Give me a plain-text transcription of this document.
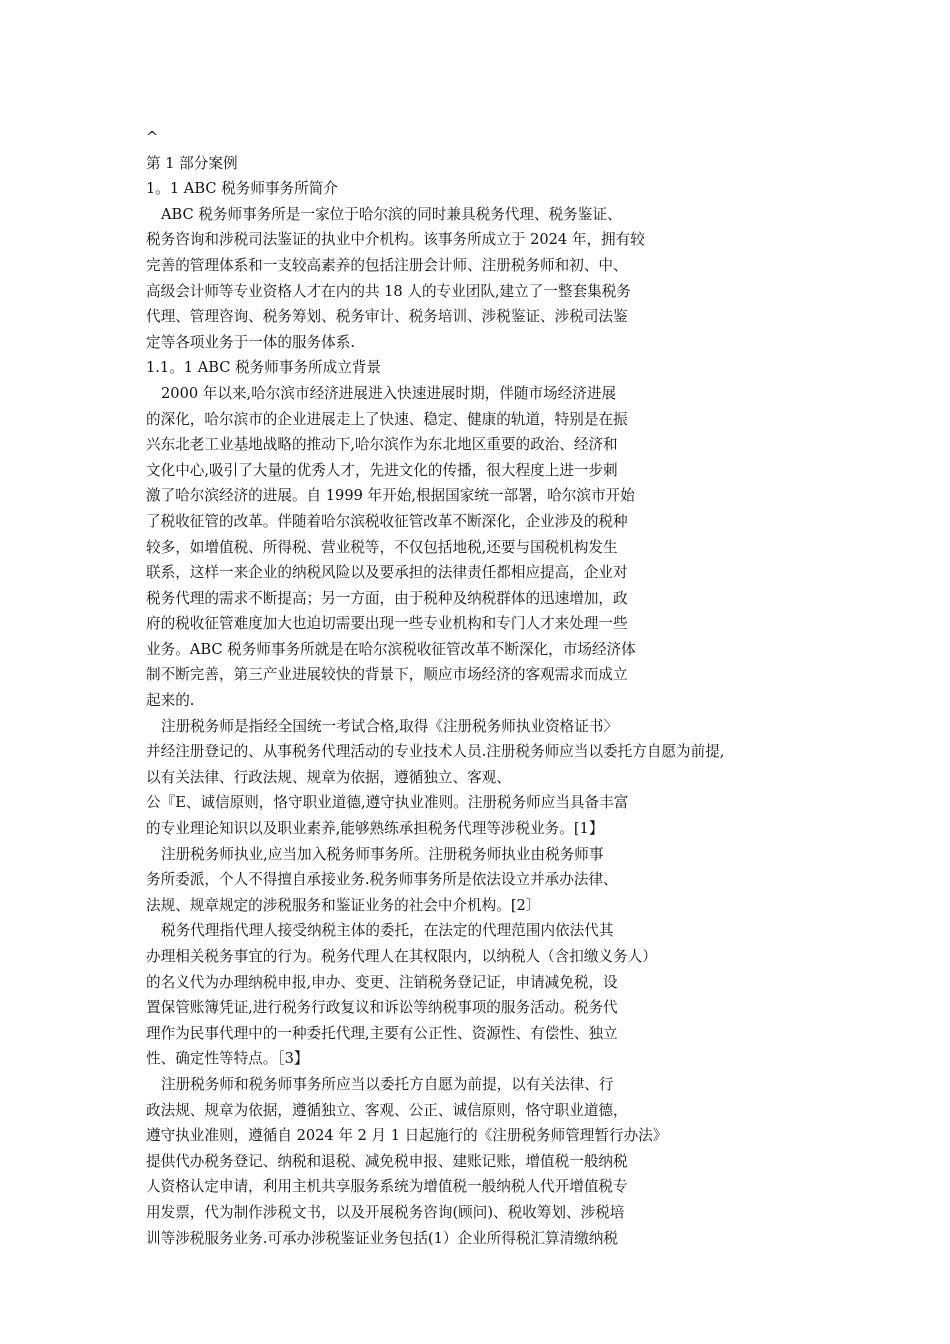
^
第 1 部分案例
1。1 ABC 税务师事务所简介
ABC 税务师事务所是一家位于哈尔滨的同时兼具税务代理、税务鉴证、
税务咨询和涉税司法鉴证的执业中介机构。该事务所成立于 2024 年，拥有较
完善的管理体系和一支较高素养的包括注册会计师、注册税务师和初、中、
高级会计师等专业资格人才在内的共 18 人的专业团队,建立了一整套集税务
代理、管理咨询、税务筹划、税务审计、税务培训、涉税鉴证、涉税司法鉴
定等各项业务于一体的服务体系.
1.1。1 ABC 税务师事务所成立背景
2000 年以来,哈尔滨市经济进展进入快速进展时期，伴随市场经济进展
的深化，哈尔滨市的企业进展走上了快速、稳定、健康的轨道，特别是在振
兴东北老工业基地战略的推动下,哈尔滨作为东北地区重要的政治、经济和
文化中心,吸引了大量的优秀人才，先进文化的传播，很大程度上进一步刺
激了哈尔滨经济的进展。自 1999 年开始,根据国家统一部署，哈尔滨市开始
了税收征管的改革。伴随着哈尔滨税收征管改革不断深化，企业涉及的税种
较多，如增值税、所得税、营业税等，不仅包括地税,还要与国税机构发生
联系，这样一来企业的纳税风险以及要承担的法律责任都相应提高，企业对
税务代理的需求不断提高；另一方面，由于税种及纳税群体的迅速增加，政
府的税收征管难度加大也迫切需要出现一些专业机构和专门人才来处理一些
业务。ABC 税务师事务所就是在哈尔滨税收征管改革不断深化，市场经济体
制不断完善，第三产业进展较快的背景下，顺应市场经济的客观需求而成立
起来的.
注册税务师是指经全国统一考试合格,取得《注册税务师执业资格证书〉
并经注册登记的、从事税务代理活动的专业技术人员.注册税务师应当以委托方自愿为前提,
以有关法律、行政法规、规章为依据，遵循独立、客观、
公『E、诚信原则，恪守职业道德,遵守执业准则。注册税务师应当具备丰富
的专业理论知识以及职业素养,能够熟练承担税务代理等涉税业务。[1】
注册税务师执业,应当加入税务师事务所。注册税务师执业由税务师事
务所委派，个人不得擅自承接业务.税务师事务所是依法设立并承办法律、
法规、规章规定的涉税服务和鉴证业务的社会中介机构。[2〕
税务代理指代理人接受纳税主体的委托，在法定的代理范围内依法代其
办理相关税务事宜的行为。税务代理人在其权限内，以纳税人（含扣缴义务人）
的名义代为办理纳税申报,申办、变更、注销税务登记证，申请减免税，设
置保管账簿凭证,进行税务行政复议和诉讼等纳税事项的服务活动。税务代
理作为民事代理中的一种委托代理,主要有公正性、资源性、有偿性、独立
性、确定性等特点。［3】
注册税务师和税务师事务所应当以委托方自愿为前提，以有关法律、行
政法规、规章为依据，遵循独立、客观、公正、诚信原则，恪守职业道德，
遵守执业准则，遵循自 2024 年 2 月 1 日起施行的《注册税务师管理暂行办法》
提供代办税务登记、纳税和退税、减免税申报、建账记账，增值税一般纳税
人资格认定申请，利用主机共享服务系统为增值税一般纳税人代开增值税专
用发票，代为制作涉税文书，以及开展税务咨询(顾问)、税收筹划、涉税培
训等涉税服务业务.可承办涉税鉴证业务包括(1）企业所得税汇算清缴纳税
